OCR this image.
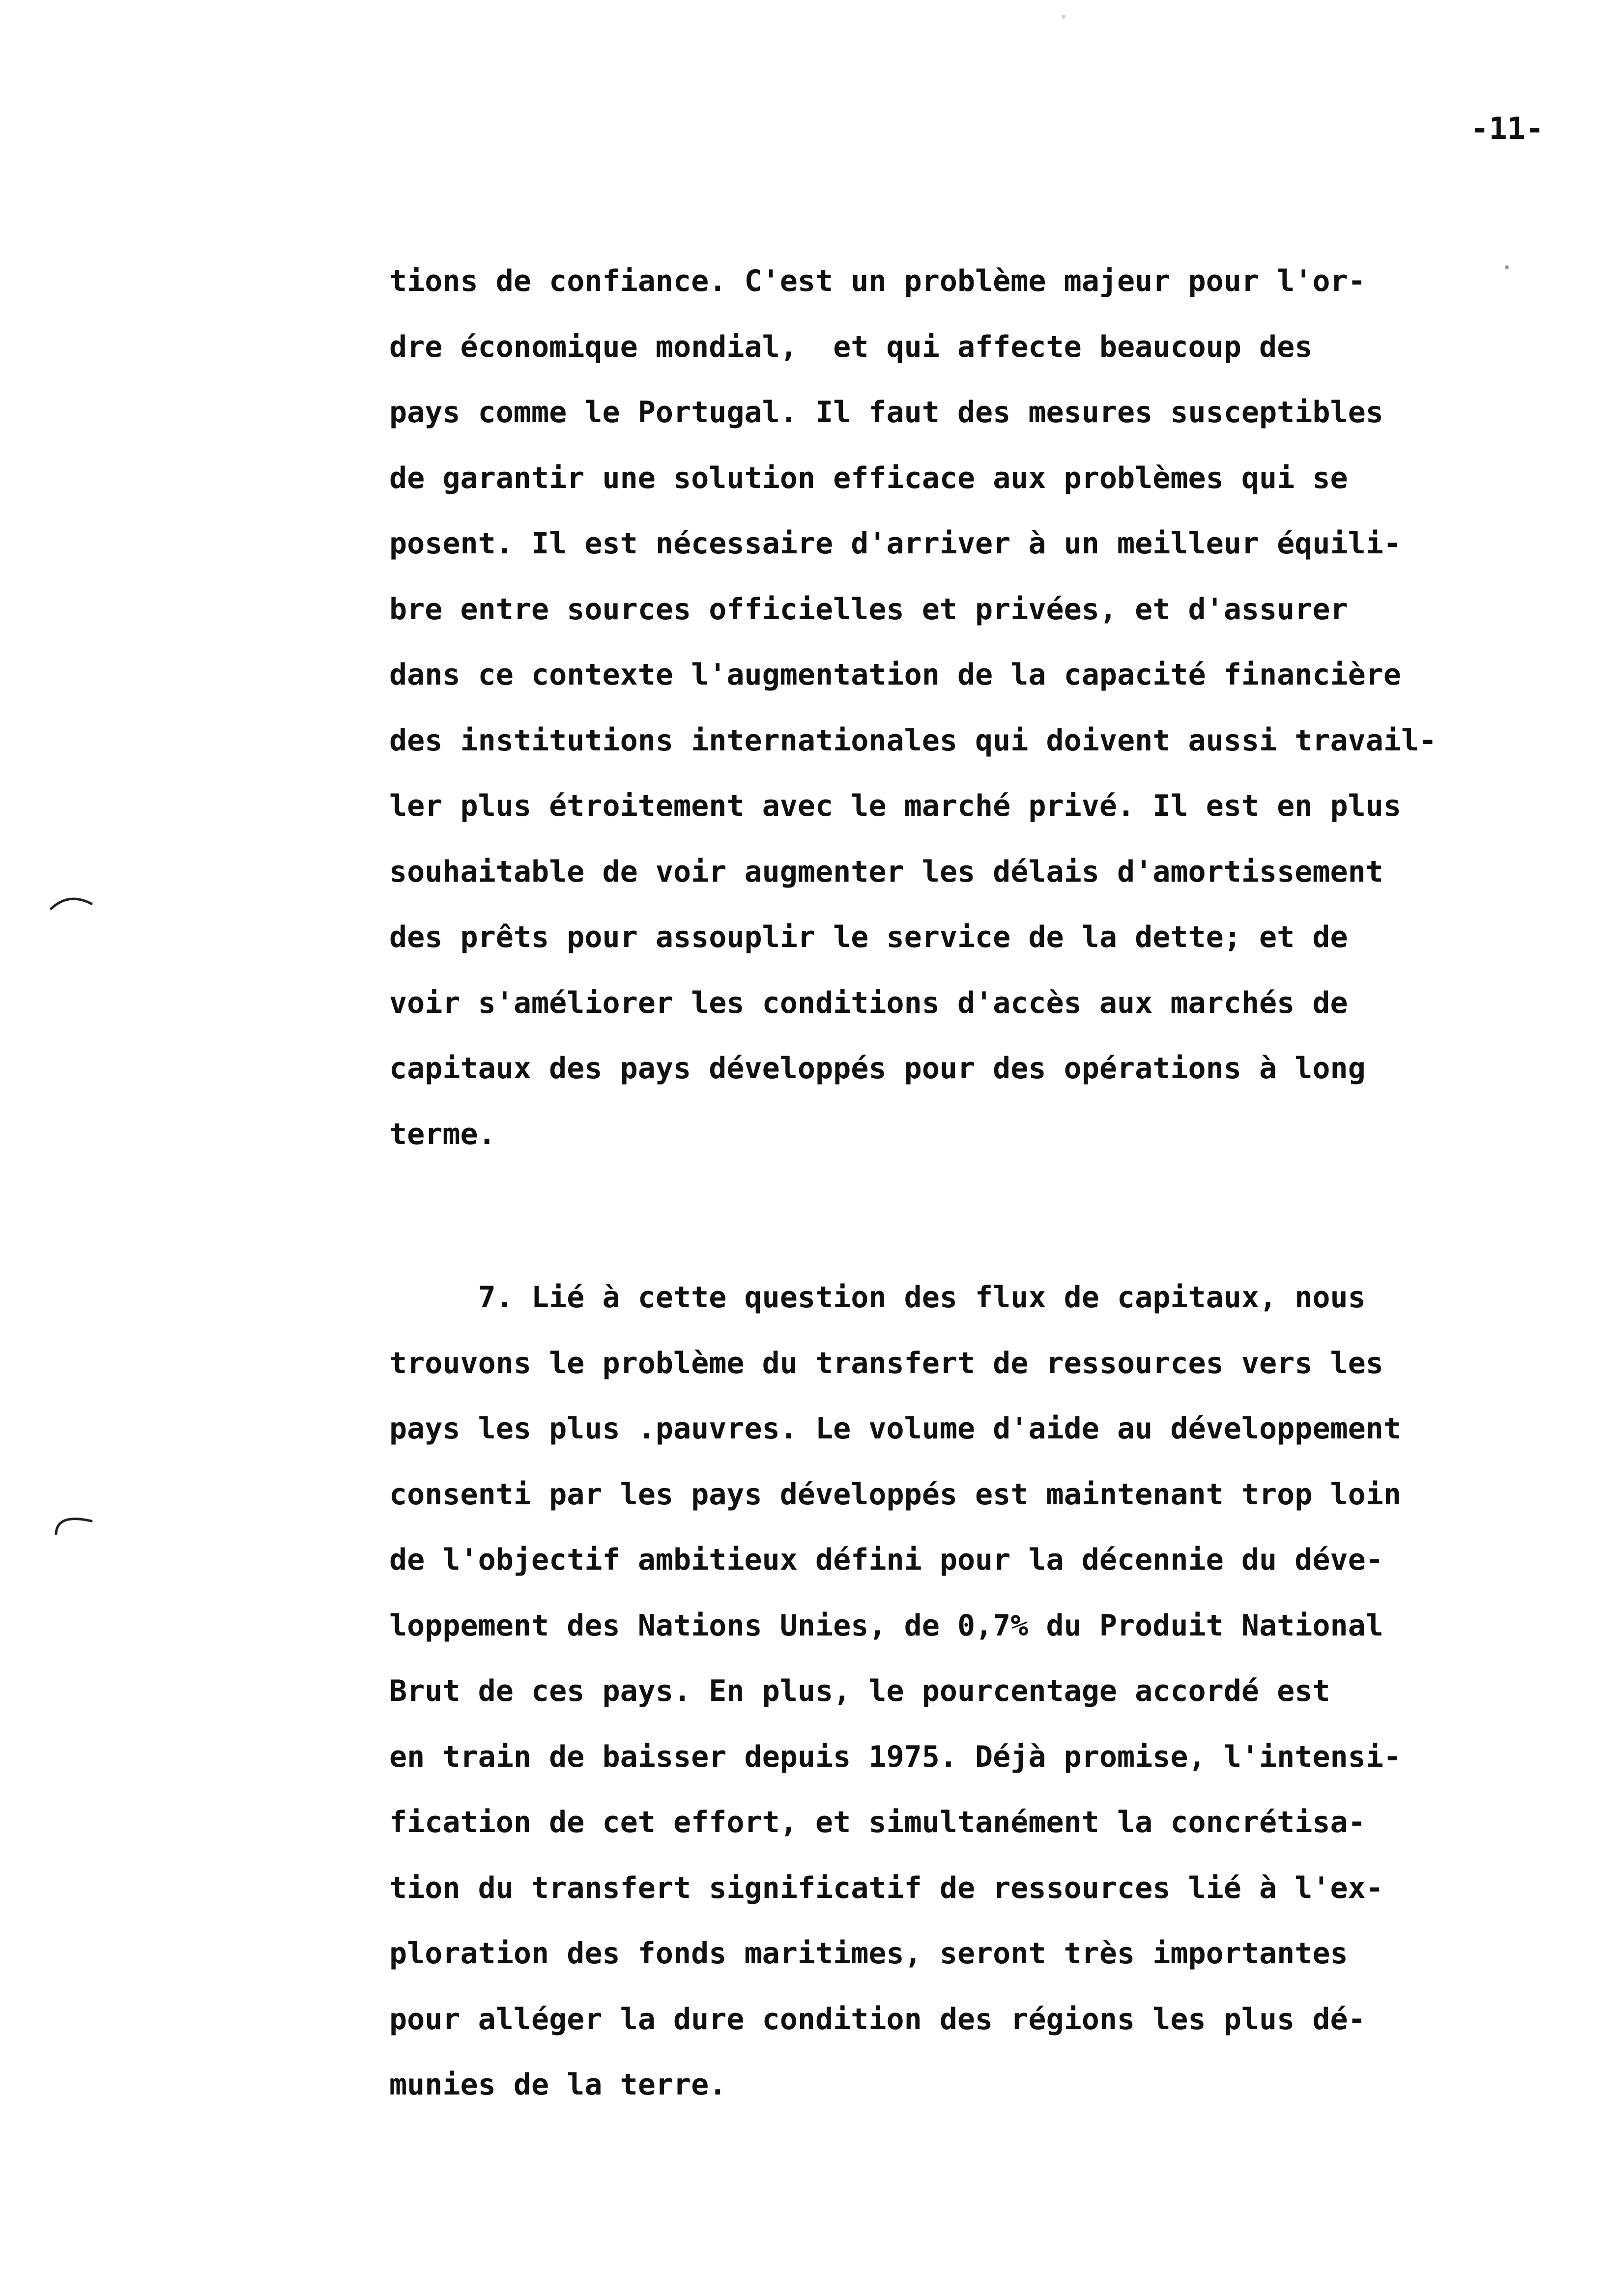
-11-
tions de confiance. C'est un problème majeur pour l'or-
dre économique mondial,  et qui affecte beaucoup des
pays comme le Portugal. Il faut des mesures susceptibles
de garantir une solution efficace aux problèmes qui se
posent. Il est nécessaire d'arriver à un meilleur équili-
bre entre sources officielles et privées, et d'assurer
dans ce contexte l'augmentation de la capacité financière
des institutions internationales qui doivent aussi travail-
ler plus étroitement avec le marché privé. Il est en plus
souhaitable de voir augmenter les délais d'amortissement
des prêts pour assouplir le service de la dette; et de
voir s'améliorer les conditions d'accès aux marchés de
capitaux des pays développés pour des opérations à long
terme.
7. Lié à cette question des flux de capitaux, nous
trouvons le problème du transfert de ressources vers les
pays les plus .pauvres. Le volume d'aide au développement
consenti par les pays développés est maintenant trop loin
de l'objectif ambitieux défini pour la décennie du déve-
loppement des Nations Unies, de 0,7% du Produit National
Brut de ces pays. En plus, le pourcentage accordé est
en train de baisser depuis 1975. Déjà promise, l'intensi-
fication de cet effort, et simultanément la concrétisa-
tion du transfert significatif de ressources lié à l'ex-
ploration des fonds maritimes, seront très importantes
pour alléger la dure condition des régions les plus dé-
munies de la terre.
